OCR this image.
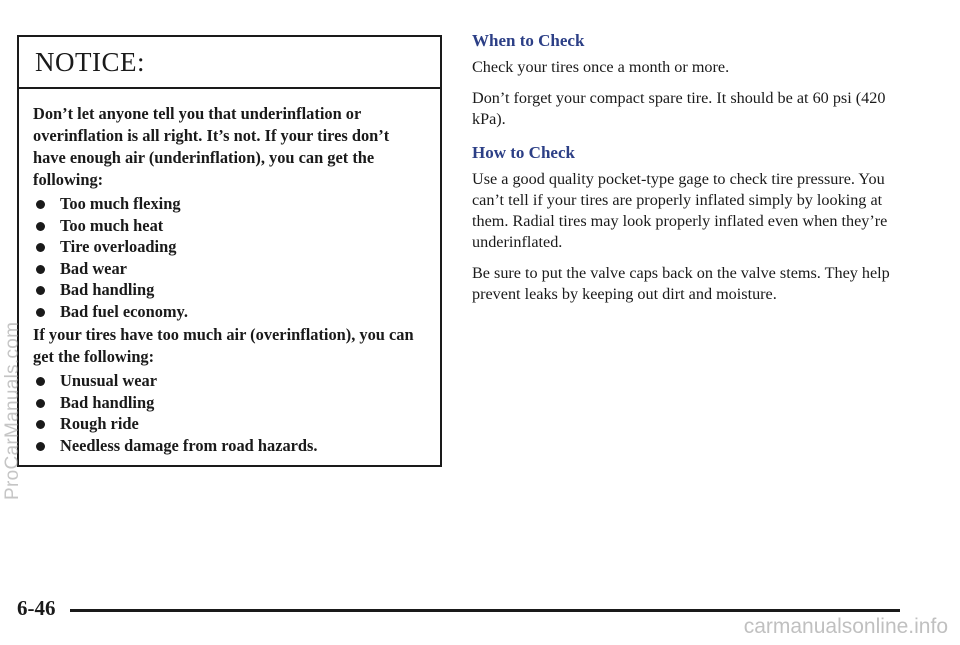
NOTICE:

Don’t let anyone tell you that underinflation or overinflation is all right. It’s not. If your tires don’t have enough air (underinflation), you can get the following:

Too much flexing
Too much heat
Tire overloading
Bad wear
Bad handling
Bad fuel economy.

If your tires have too much air (overinflation), you can get the following:

Unusual wear
Bad handling
Rough ride
Needless damage from road hazards.
When to Check

Check your tires once a month or more.

Don’t forget your compact spare tire. It should be at 60 psi (420 kPa).

How to Check

Use a good quality pocket-type gage to check tire pressure. You can’t tell if your tires are properly inflated simply by looking at them. Radial tires may look properly inflated even when they’re underinflated.

Be sure to put the valve caps back on the valve stems. They help prevent leaks by keeping out dirt and moisture.

6-46
ProCarManuals.com
carmanualsonline.info
